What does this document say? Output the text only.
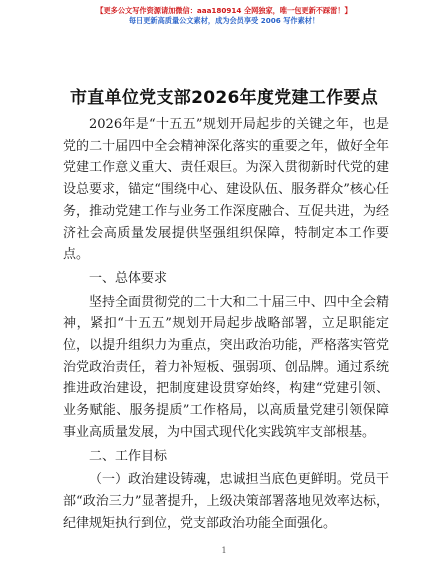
【更多公文写作资源请加微信：aaa180914 全网独家，唯一包更新不踩雷！】
每日更新高质量公文素材，成为会员享受 2006 写作素材！
市直单位党支部2026年度党建工作要点

2026年是“十五五”规划开局起步的关键之年，也是党的二十届四中全会精神深化落实的重要之年，做好全年党建工作意义重大、责任艰巨。为深入贯彻新时代党的建设总要求，锚定“围绕中心、建设队伍、服务群众”核心任务，推动党建工作与业务工作深度融合、互促共进，为经济社会高质量发展提供坚强组织保障，特制定本工作要点。

一、总体要求

坚持全面贯彻党的二十大和二十届三中、四中全会精神，紧扣“十五五”规划开局起步战略部署，立足职能定位，以提升组织力为重点，突出政治功能，严格落实管党治党政治责任，着力补短板、强弱项、创品牌。通过系统推进政治建设，把制度建设贯穿始终，构建“党建引领、业务赋能、服务提质”工作格局，以高质量党建引领保障事业高质量发展，为中国式现代化实践筑牢支部根基。

二、工作目标

（一）政治建设铸魂，忠诚担当底色更鲜明。党员干部“政治三力”显著提升，上级决策部署落地见效率达标，纪律规矩执行到位，党支部政治功能全面强化。

1
